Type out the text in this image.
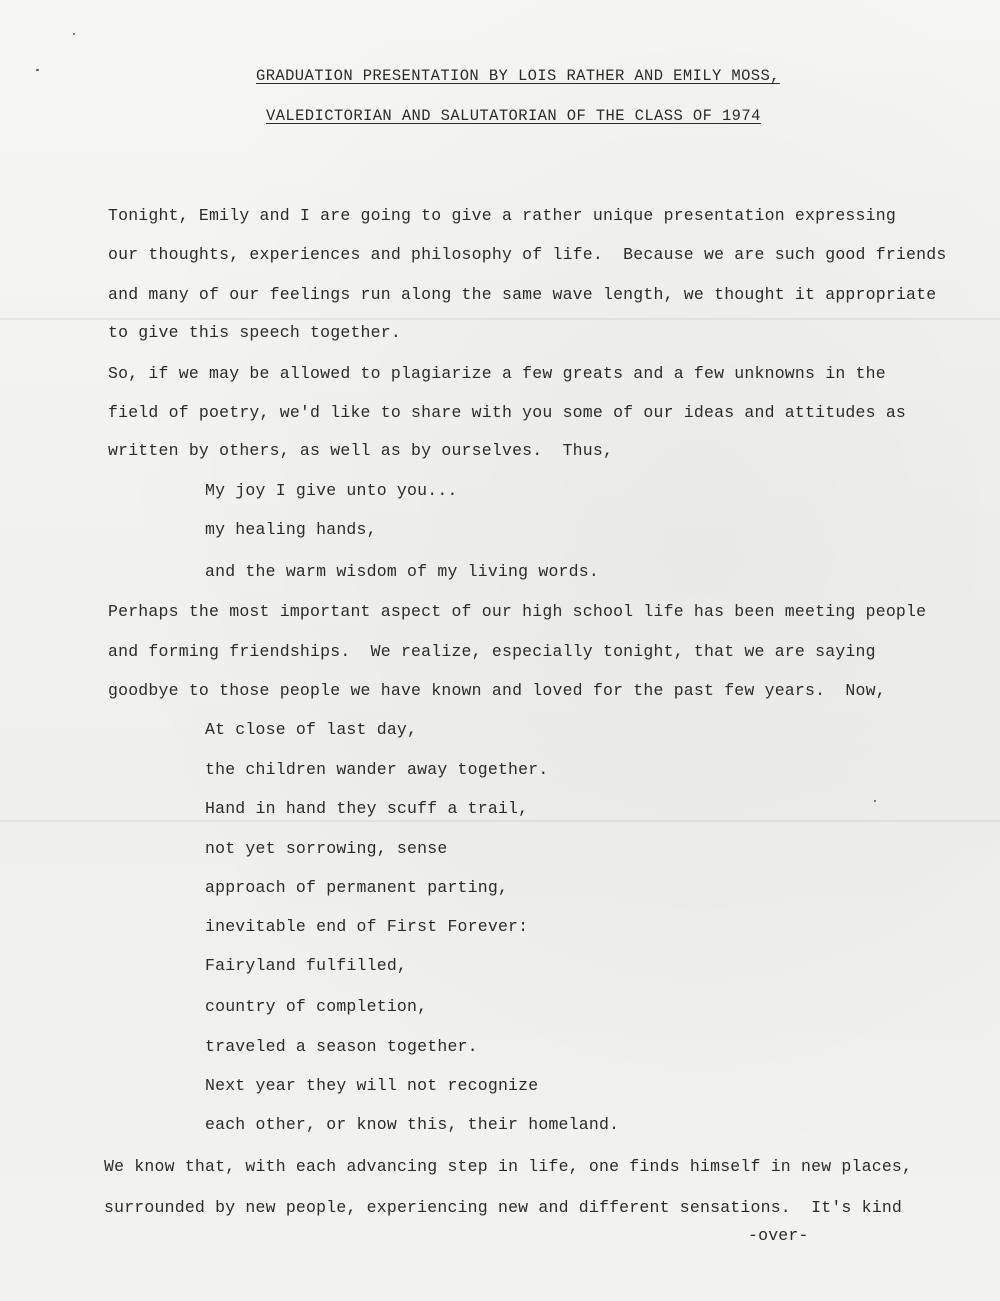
GRADUATION PRESENTATION BY LOIS RATHER AND EMILY MOSS,
VALEDICTORIAN AND SALUTATORIAN OF THE CLASS OF 1974
Tonight, Emily and I are going to give a rather unique presentation expressing
our thoughts, experiences and philosophy of life.  Because we are such good friends
and many of our feelings run along the same wave length, we thought it appropriate
to give this speech together.
So, if we may be allowed to plagiarize a few greats and a few unknowns in the
field of poetry, we'd like to share with you some of our ideas and attitudes as
written by others, as well as by ourselves.  Thus,
My joy I give unto you...
my healing hands,
and the warm wisdom of my living words.
Perhaps the most important aspect of our high school life has been meeting people
and forming friendships.  We realize, especially tonight, that we are saying
goodbye to those people we have known and loved for the past few years.  Now,
At close of last day,
the children wander away together.
Hand in hand they scuff a trail,
not yet sorrowing, sense
approach of permanent parting,
inevitable end of First Forever:
Fairyland fulfilled,
country of completion,
traveled a season together.
Next year they will not recognize
each other, or know this, their homeland.
We know that, with each advancing step in life, one finds himself in new places,
surrounded by new people, experiencing new and different sensations.  It's kind
-over-
